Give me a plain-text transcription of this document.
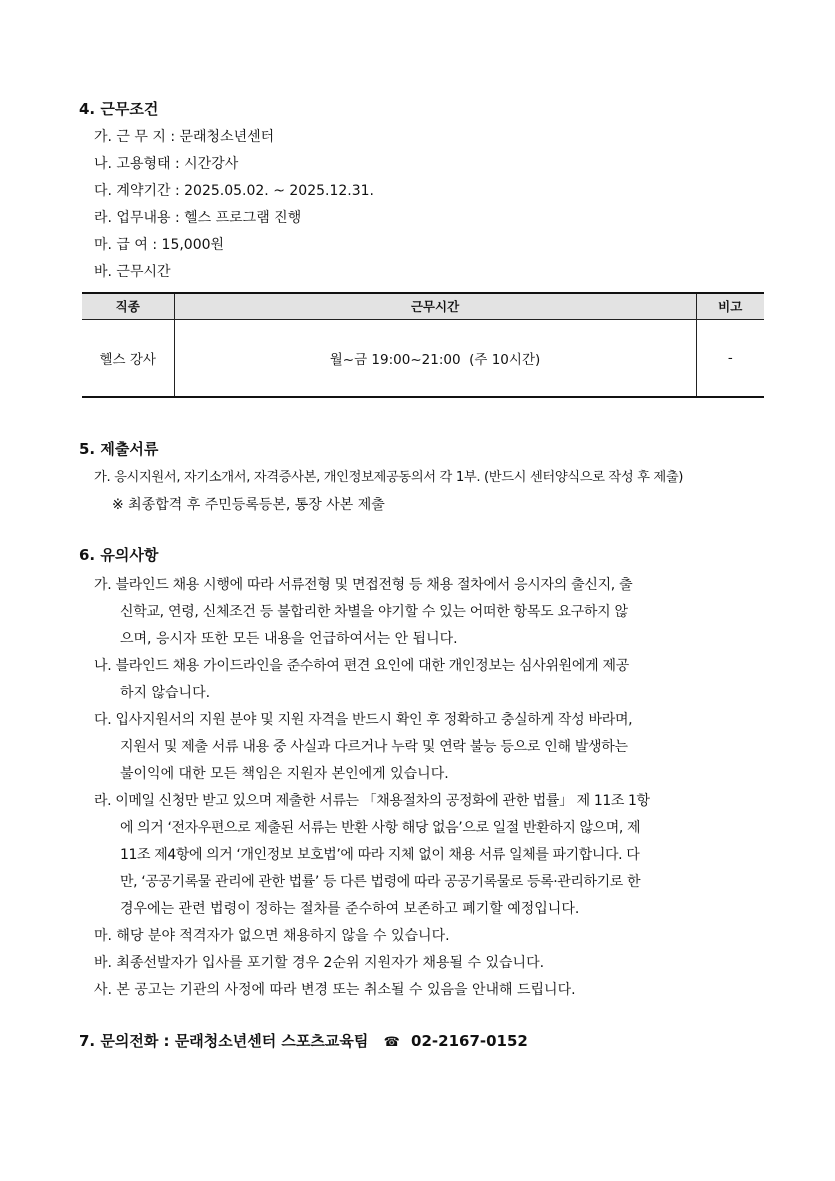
4. 근무조건
가. 근 무 지 : 문래청소년센터
나. 고용형태 : 시간강사
다. 계약기간 : 2025.05.02. ~ 2025.12.31.
라. 업무내용 : 헬스 프로그램 진행
마. 급 여 : 15,000원
바. 근무시간
직종	근무시간	비고
헬스 강사	월~금 19:00~21:00  (주 10시간)	-
5. 제출서류
가. 응시지원서, 자기소개서, 자격증사본, 개인정보제공동의서 각 1부. (반드시 센터양식으로 작성 후 제출)
※ 최종합격 후 주민등록등본, 통장 사본 제출
6. 유의사항
가. 블라인드 채용 시행에 따라 서류전형 및 면접전형 등 채용 절차에서 응시자의 출신지, 출
신학교, 연령, 신체조건 등 불합리한 차별을 야기할 수 있는 어떠한 항목도 요구하지 않
으며, 응시자 또한 모든 내용을 언급하여서는 안 됩니다.
나. 블라인드 채용 가이드라인을 준수하여 편견 요인에 대한 개인정보는 심사위원에게 제공
하지 않습니다.
다. 입사지원서의 지원 분야 및 지원 자격을 반드시 확인 후 정확하고 충실하게 작성 바라며,
지원서 및 제출 서류 내용 중 사실과 다르거나 누락 및 연락 불능 등으로 인해 발생하는
불이익에 대한 모든 책임은 지원자 본인에게 있습니다.
라. 이메일 신청만 받고 있으며 제출한 서류는 「채용절차의 공정화에 관한 법률」 제 11조 1항
에 의거 ‘전자우편으로 제출된 서류는 반환 사항 해당 없음’으로 일절 반환하지 않으며, 제
11조 제4항에 의거 ‘개인정보 보호법’에 따라 지체 없이 채용 서류 일체를 파기합니다. 다
만, ‘공공기록물 관리에 관한 법률’ 등 다른 법령에 따라 공공기록물로 등록·관리하기로 한
경우에는 관련 법령이 정하는 절차를 준수하여 보존하고 폐기할 예정입니다.
마. 해당 분야 적격자가 없으면 채용하지 않을 수 있습니다.
바. 최종선발자가 입사를 포기할 경우 2순위 지원자가 채용될 수 있습니다.
사. 본 공고는 기관의 사정에 따라 변경 또는 취소될 수 있음을 안내해 드립니다.
7. 문의전화 : 문래청소년센터 스포츠교육팀 ☎ 02-2167-0152
